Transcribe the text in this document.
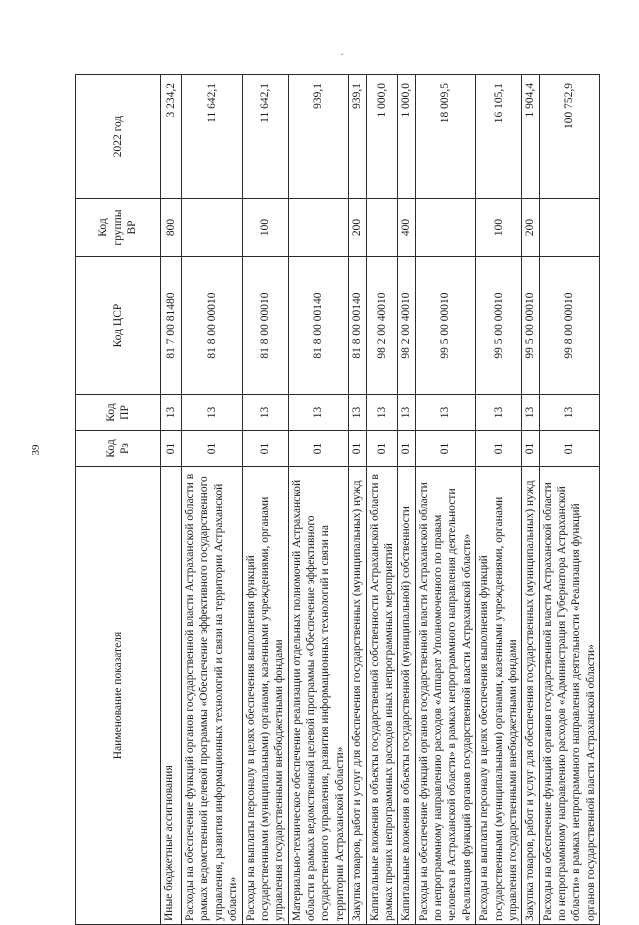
39
·
Наименование показателя	Код Рз	Код ПР	Код ЦСР	Код группы ВР	2022 год
Иные бюджетные ассигнования	01	13	81 7 00 81480	800	3 234,2
Расходы на обеспечение функций органов государственной власти Астраханской области в рамках ведомственной целевой программы «Обеспечение эффективного государственного управления, развития информационных технологий и связи на территории Астраханской области»	01	13	81 8 00 00010		11 642,1
Расходы на выплаты персоналу в целях обеспечения выполнения функций государственными (муниципальными) органами, казенными учреждениями, органами управления государственными внебюджетными фондами	01	13	81 8 00 00010	100	11 642,1
Материально-техническое обеспечение реализации отдельных полномочий Астраханской области в рамках ведомственной целевой программы «Обеспечение эффективного государственного управления, развития информационных технологий и связи на территории Астраханской области»	01	13	81 8 00 00140		939,1
Закупка товаров, работ и услуг для обеспечения государственных (муниципальных) нужд	01	13	81 8 00 00140	200	939,1
Капитальные вложения в объекты государственной собственности Астраханской области в рамках прочих непрограммных расходов иных непрограммных мероприятий	01	13	98 2 00 40010		1 000,0
Капитальные вложения в объекты государственной (муниципальной) собственности	01	13	98 2 00 40010	400	1 000,0
Расходы на обеспечение функций органов государственной власти Астраханской области по непрограммному направлению расходов «Аппарат Уполномоченного по правам человека в Астраханской области» в рамках непрограммного направления деятельности «Реализация функций органов государственной власти Астраханской области»	01	13	99 5 00 00010		18 009,5
Расходы на выплаты персоналу в целях обеспечения выполнения функций государственными (муниципальными) органами, казенными учреждениями, органами управления государственными внебюджетными фондами	01	13	99 5 00 00010	100	16 105,1
Закупка товаров, работ и услуг для обеспечения государственных (муниципальных) нужд	01	13	99 5 00 00010	200	1 904,4
Расходы на обеспечение функций органов государственной власти Астраханской области по непрограммному направлению расходов «Администрация Губернатора Астраханской области» в рамках непрограммного направления деятельности «Реализация функций органов государственной власти Астраханской области»	01	13	99 8 00 00010		100 752,9
